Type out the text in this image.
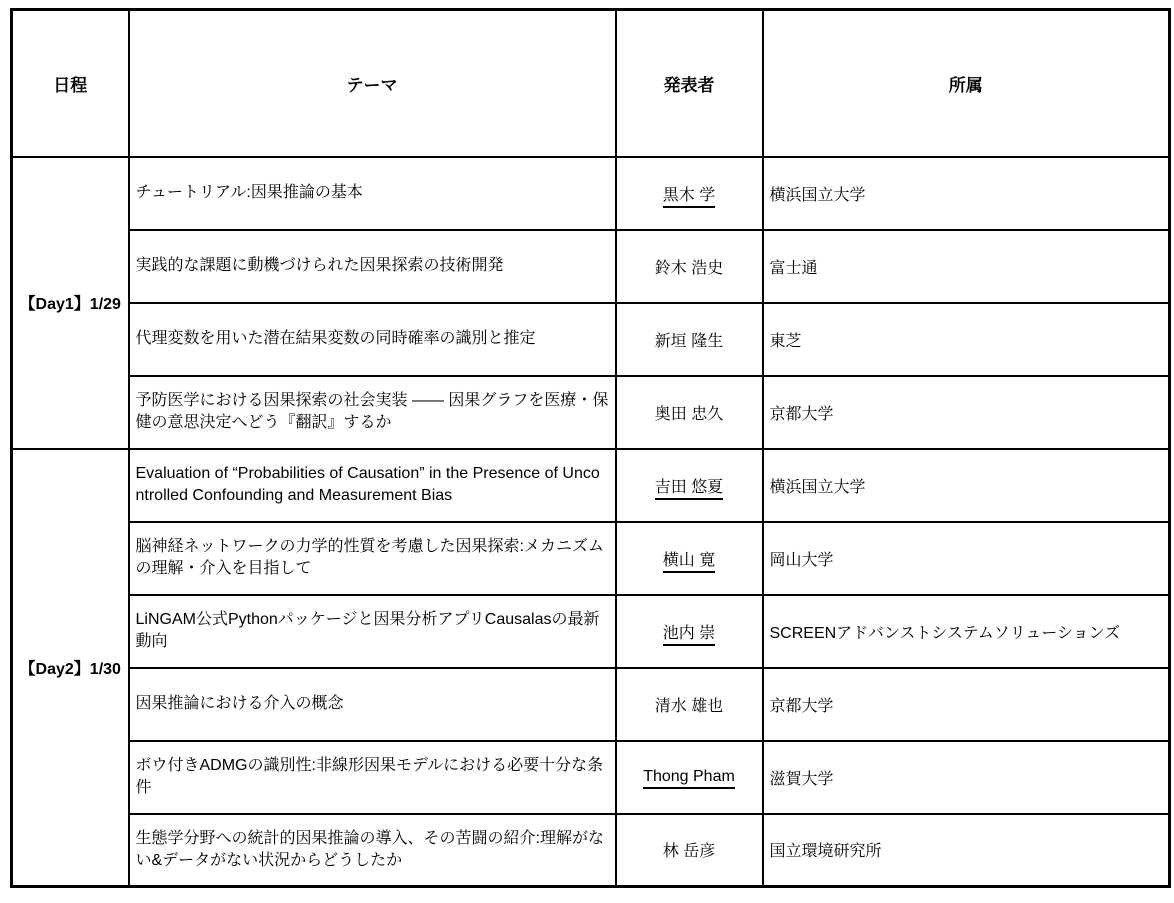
日程	テーマ	発表者	所属
【Day1】1/29	チュートリアル:因果推論の基本	黒木 学	横浜国立大学
	実践的な課題に動機づけられた因果探索の技術開発	鈴木 浩史	富士通
	代理変数を用いた潜在結果変数の同時確率の識別と推定	新垣 隆生	東芝
	予防医学における因果探索の社会実装 ―― 因果グラフを医療・保健の意思決定へどう『翻訳』するか	奥田 忠久	京都大学
【Day2】1/30	Evaluation of “Probabilities of Causation” in the Presence of Uncontrolled Confounding and Measurement Bias	吉田 悠夏	横浜国立大学
	脳神経ネットワークの力学的性質を考慮した因果探索:メカニズムの理解・介入を目指して	横山 寛	岡山大学
	LiNGAM公式Pythonパッケージと因果分析アプリCausalasの最新動向	池内 崇	SCREENアドバンストシステムソリューションズ
	因果推論における介入の概念	清水 雄也	京都大学
	ボウ付きADMGの識別性:非線形因果モデルにおける必要十分な条件	Thong Pham	滋賀大学
	生態学分野への統計的因果推論の導入、その苦闘の紹介:理解がない&データがない状況からどうしたか	林 岳彦	国立環境研究所
